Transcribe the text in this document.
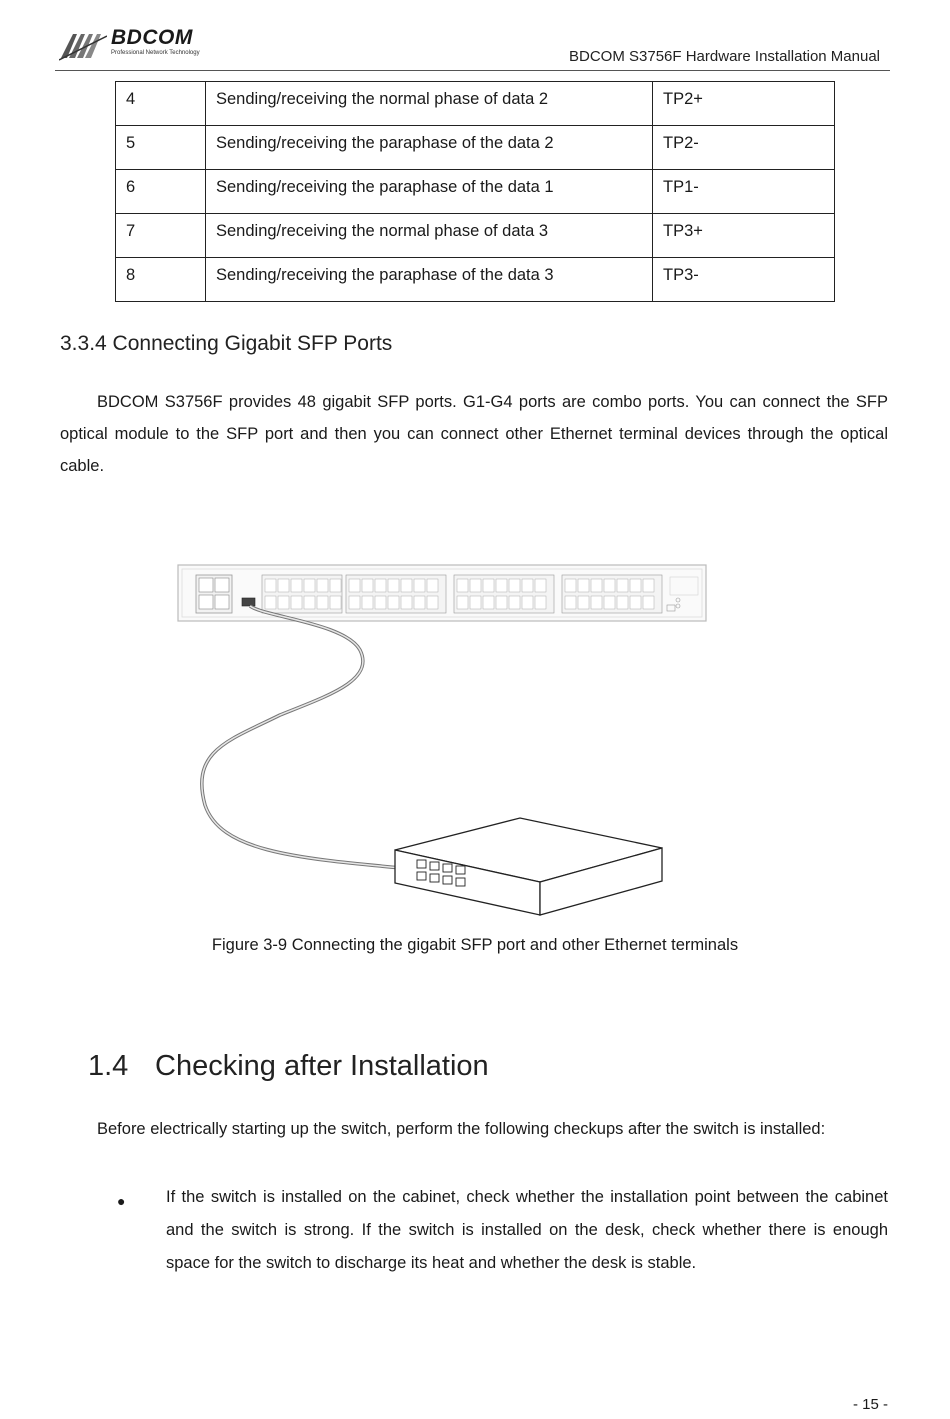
BDCOM
Professional Network Technology	BDCOM S3756F Hardware Installation Manual
4	Sending/receiving the normal phase of data 2	TP2+
5	Sending/receiving the paraphase of the data 2	TP2-
6	Sending/receiving the paraphase of the data 1	TP1-
7	Sending/receiving the normal phase of data 3	TP3+
8	Sending/receiving the paraphase of the data 3	TP3-
3.3.4 Connecting Gigabit SFP Ports
BDCOM S3756F provides 48 gigabit SFP ports. G1-G4 ports are combo ports. You can connect the SFP optical module to the SFP port and then you can connect other Ethernet terminal devices through the optical cable.
Figure 3-9 Connecting the gigabit SFP port and other Ethernet terminals
1.4 Checking after Installation
Before electrically starting up the switch, perform the following checkups after the switch is installed:
● If the switch is installed on the cabinet, check whether the installation point between the cabinet and the switch is strong. If the switch is installed on the desk, check whether there is enough space for the switch to discharge its heat and whether the desk is stable.
- 15 -
